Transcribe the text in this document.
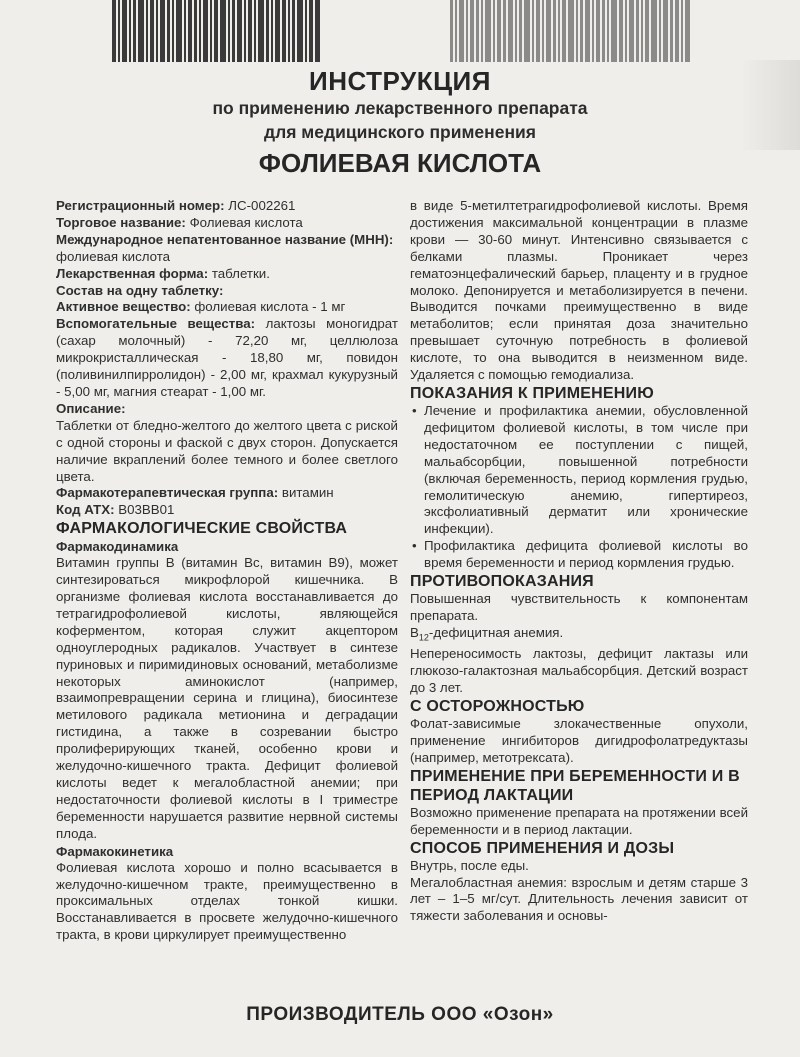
ИНСТРУКЦИЯ
по применению лекарственного препарата
для медицинского применения
ФОЛИЕВАЯ КИСЛОТА

Регистрационный номер: ЛС-002261

Торговое название: Фолиевая кислота

Международное непатентованное название (МНН): фолиевая кислота

Лекарственная форма: таблетки.

Состав на одну таблетку:

Активное вещество: фолиевая кислота - 1 мг

Вспомогательные вещества: лактозы моногидрат (сахар молочный) - 72,20 мг, целлюлоза микрокристаллическая - 18,80 мг, повидон (поливинилпирролидон) - 2,00 мг, крахмал кукурузный - 5,00 мг, магния стеарат - 1,00 мг.

Описание:

Таблетки от бледно-желтого до желтого цвета с риской с одной стороны и фаской с двух сторон. Допускается наличие вкраплений более темного и более светлого цвета.

Фармакотерапевтическая группа: витамин

Код АТХ: B03BB01

ФАРМАКОЛОГИЧЕСКИЕ СВОЙСТВА

Фармакодинамика

Витамин группы B (витамин Bc, витамин B9), может синтезироваться микрофлорой кишечника. В организме фолиевая кислота восстанавливается до тетрагидрофолиевой кислоты, являющейся коферментом, которая служит акцептором одноуглеродных радикалов. Участвует в синтезе пуриновых и пиримидиновых оснований, метаболизме некоторых аминокислот (например, взаимопревращении серина и глицина), биосинтезе метилового радикала метионина и деградации гистидина, а также в созревании быстро пролиферирующих тканей, особенно крови и желудочно-кишечного тракта. Дефицит фолиевой кислоты ведет к мегалобластной анемии; при недостаточности фолиевой кислоты в I триместре беременности нарушается развитие нервной системы плода.

Фармакокинетика

Фолиевая кислота хорошо и полно всасывается в желудочно-кишечном тракте, преимущественно в проксимальных отделах тонкой кишки. Восстанавливается в просвете желудочно-кишечного тракта, в крови циркулирует преимущественно

в виде 5-метилтетрагидрофолиевой кислоты. Время достижения максимальной концентрации в плазме крови — 30-60 минут. Интенсивно связывается с белками плазмы. Проникает через гематоэнцефалический барьер, плаценту и в грудное молоко. Депонируется и метаболизируется в печени. Выводится почками преимущественно в виде метаболитов; если принятая доза значительно превышает суточную потребность в фолиевой кислоте, то она выводится в неизменном виде. Удаляется с помощью гемодиализа.

ПОКАЗАНИЯ К ПРИМЕНЕНИЮ

• Лечение и профилактика анемии, обусловленной дефицитом фолиевой кислоты, в том числе при недостаточном ее поступлении с пищей, мальабсорбции, повышенной потребности (включая беременность, период кормления грудью, гемолитическую анемию, гипертиреоз, эксфолиативный дерматит или хронические инфекции).
• Профилактика дефицита фолиевой кислоты во время беременности и период кормления грудью.

ПРОТИВОПОКАЗАНИЯ

Повышенная чувствительность к компонентам препарата.

$B_{12}$-дефицитная анемия.

Непереносимость лактозы, дефицит лактазы или глюкозо-галактозная мальабсорбция. Детский возраст до 3 лет.

С ОСТОРОЖНОСТЬЮ

Фолат-зависимые злокачественные опухоли, применение ингибиторов дигидрофолатредуктазы (например, метотрексата).

ПРИМЕНЕНИЕ ПРИ БЕРЕМЕННОСТИ И В ПЕРИОД ЛАКТАЦИИ

Возможно применение препарата на протяжении всей беременности и в период лактации.

СПОСОБ ПРИМЕНЕНИЯ И ДОЗЫ

Внутрь, после еды.

Мегалобластная анемия: взрослым и детям старше 3 лет – 1–5 мг/сут. Длительность лечения зависит от тяжести заболевания и основы-

ПРОИЗВОДИТЕЛЬ ООО «Озон»
